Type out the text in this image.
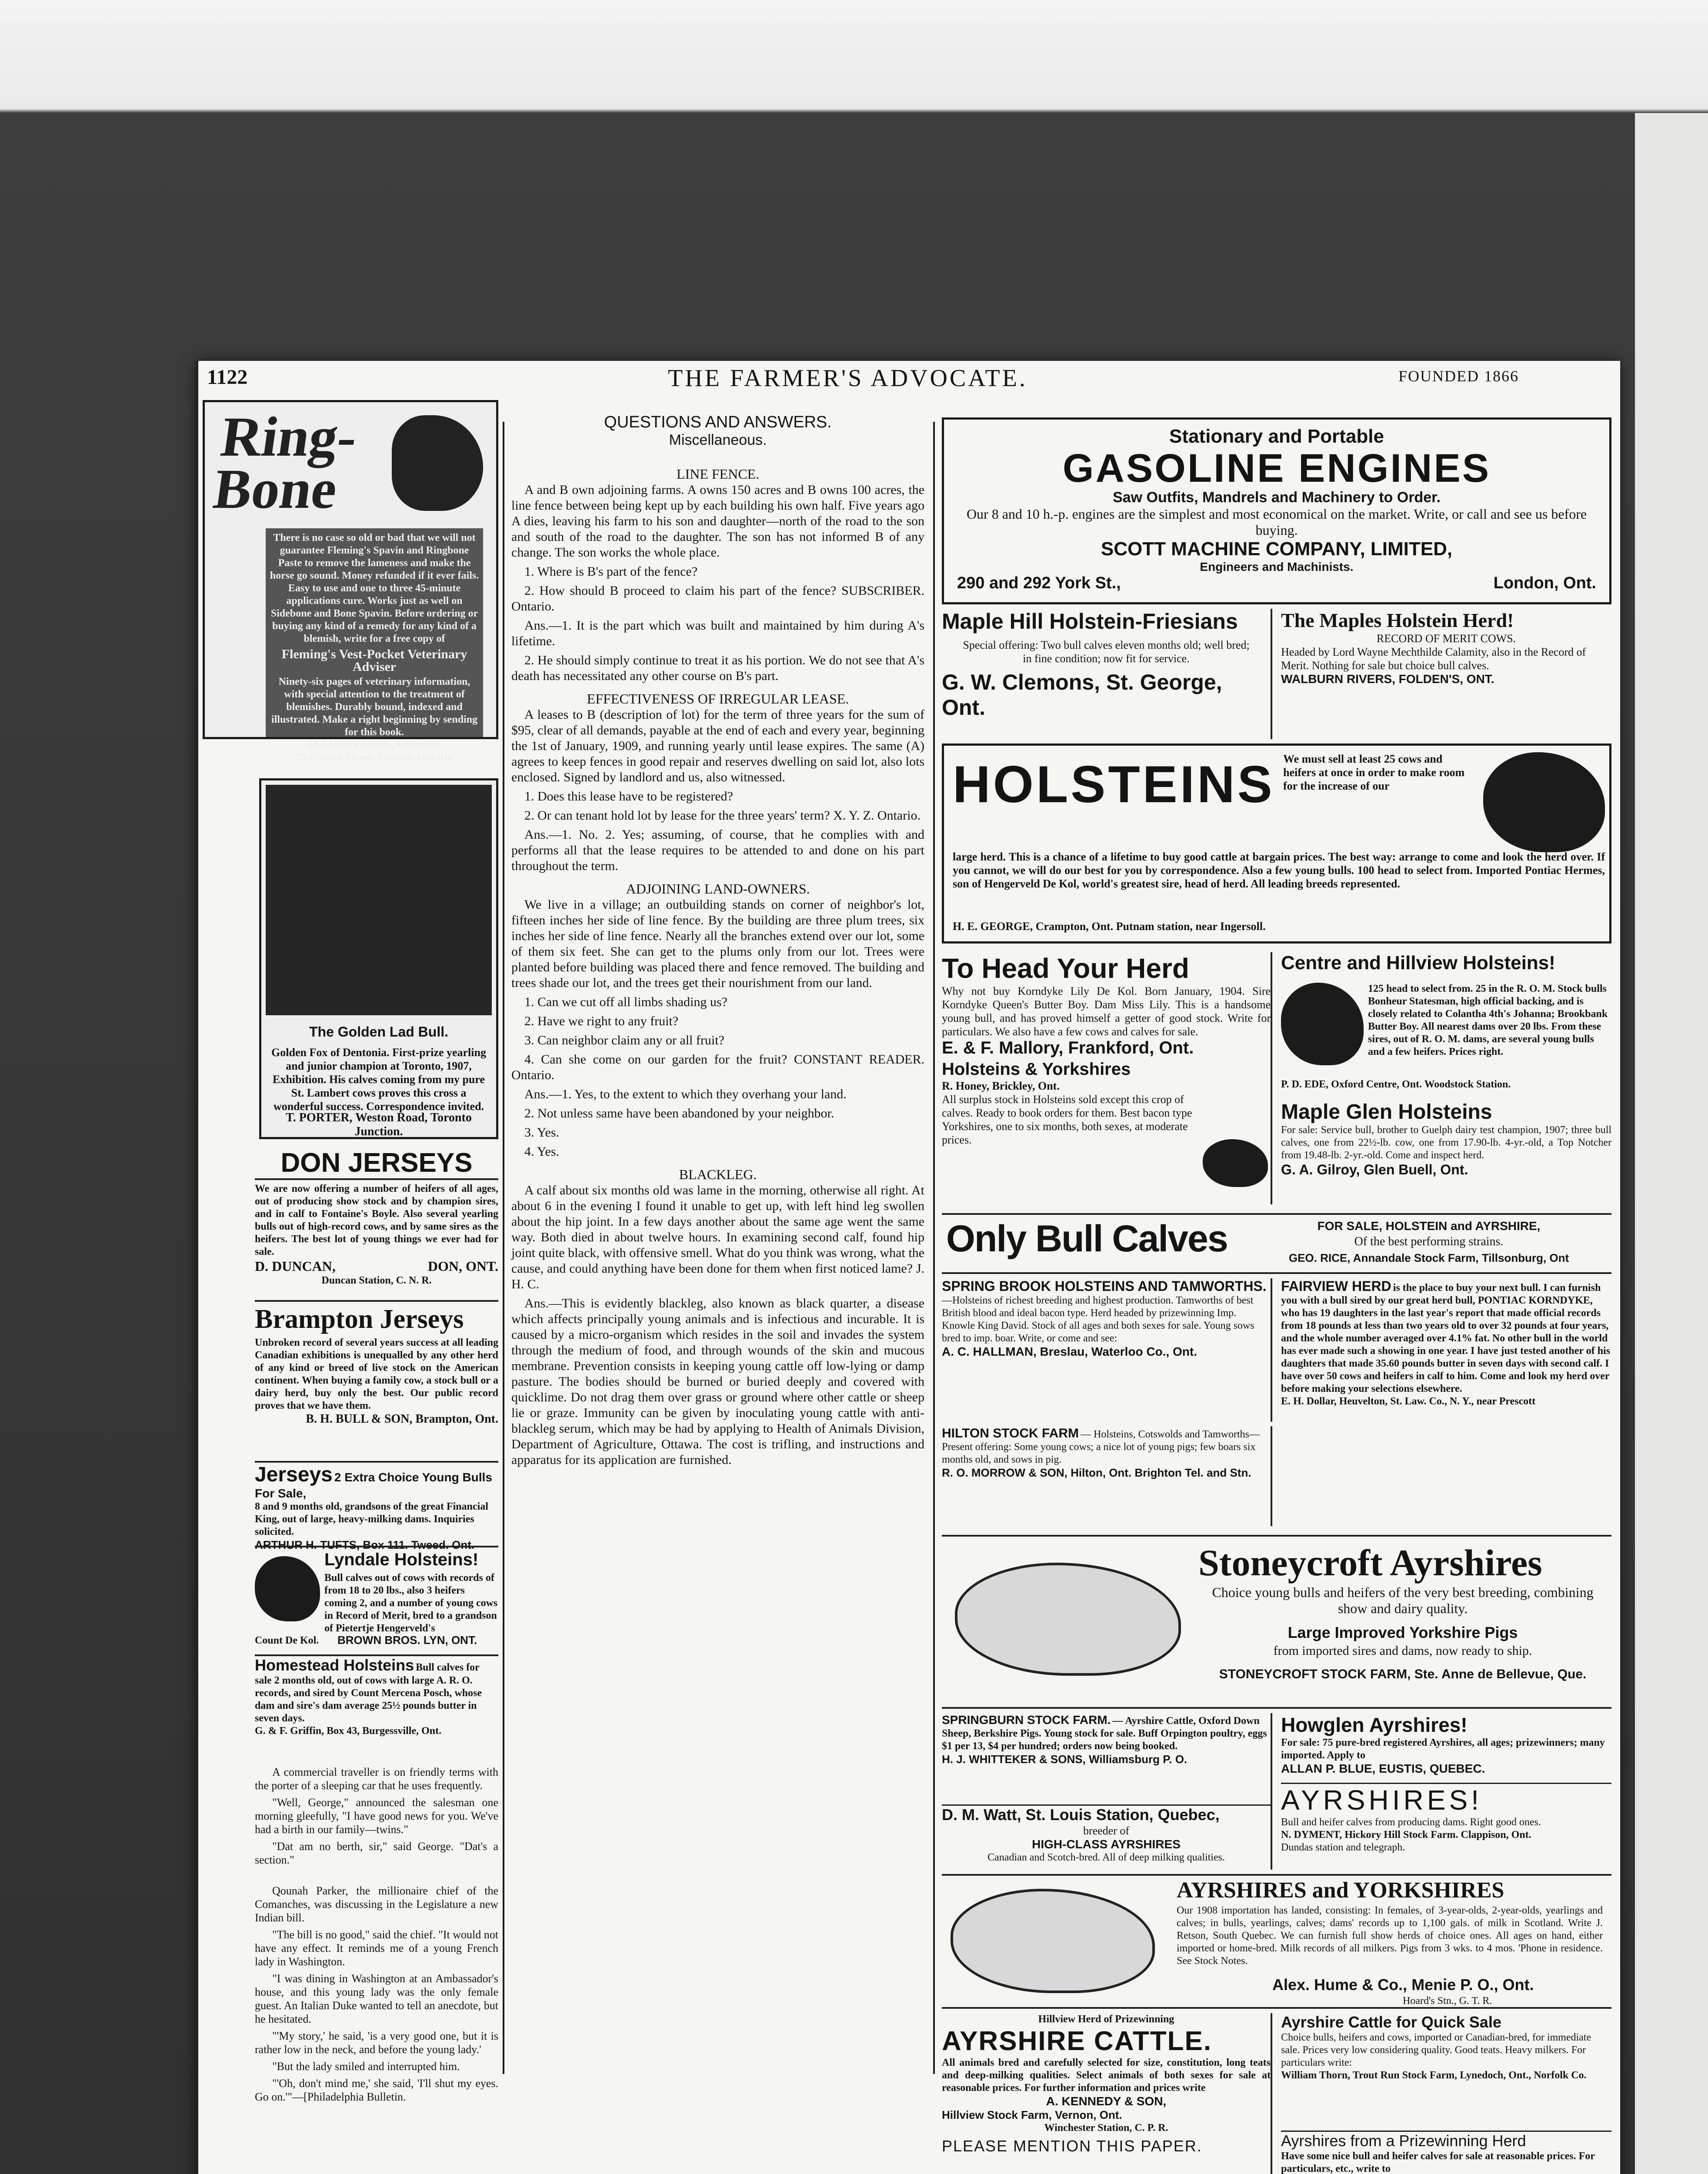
1122	THE FARMER'S ADVOCATE.	FOUNDED 1866
Ring-Bone
There is no case so old or bad that we will not guarantee Fleming's Spavin and Ringbone Paste to remove the lameness and make the horse go sound. Money refunded if it ever fails. Easy to use and one to three 45-minute applications cure. Works just as well on Sidebone and Bone Spavin. Before ordering or buying any kind of a remedy for any kind of a blemish, write for a free copy of
Fleming's Vest-Pocket Veterinary Adviser
Ninety-six pages of veterinary information, with special attention to the treatment of blemishes. Durably bound, indexed and illustrated. Make a right beginning by sending for this book.
FLEMING BROS., Chemists,
75 Church Street, Toronto, Ontario
The Golden Lad Bull.
Golden Fox of Dentonia. First-prize yearling and junior champion at Toronto, 1907, Exhibition. His calves coming from my pure St. Lambert cows proves this cross a wonderful success. Correspondence invited.
T. PORTER, Weston Road, Toronto Junction.
DON JERSEYS
We are now offering a number of heifers of all ages, out of producing show stock and by champion sires, and in calf to Fontaine's Boyle. Also several yearling bulls out of high-record cows, and by same sires as the heifers. The best lot of young things we ever had for sale.
D. DUNCAN,	DON, ONT.
Duncan Station, C. N. R.
Brampton Jerseys
Unbroken record of several years success at all leading Canadian exhibitions is unequalled by any other herd of any kind or breed of live stock on the American continent. When buying a family cow, a stock bull or a dairy herd, buy only the best. Our public record proves that we have them.
B. H. BULL & SON, Brampton, Ont.
Jerseys 2 Extra Choice Young Bulls For Sale,
8 and 9 months old, grandsons of the great Financial King, out of large, heavy-milking dams. Inquiries solicited.
ARTHUR H. TUFTS, Box 111. Tweed. Ont.
Lyndale Holsteins!
Bull calves out of cows with records of from 18 to 20 lbs., also 3 heifers coming 2, and a number of young cows in Record of Merit, bred to a grandson of Pietertje Hengerveld's
Count De Kol. BROWN BROS. LYN, ONT.
Homestead Holsteins Bull calves for sale 2 months old, out of cows with large A. R. O. records, and sired by Count Mercena Posch, whose dam and sire's dam average 25½ pounds butter in seven days.
G. & F. Griffin, Box 43, Burgessville, Ont.

A commercial traveller is on friendly terms with the porter of a sleeping car that he uses frequently.

"Well, George," announced the salesman one morning gleefully, "I have good news for you. We've had a birth in our family—twins."

"Dat am no berth, sir," said George. "Dat's a section."

Qounah Parker, the millionaire chief of the Comanches, was discussing in the Legislature a new Indian bill.

"The bill is no good," said the chief. "It would not have any effect. It reminds me of a young French lady in Washington.

"I was dining in Washington at an Ambassador's house, and this young lady was the only female guest. An Italian Duke wanted to tell an anecdote, but he hesitated.

"'My story,' he said, 'is a very good one, but it is rather low in the neck, and before the young lady.'

"But the lady smiled and interrupted him.

"'Oh, don't mind me,' she said, 'I'll shut my eyes. Go on.'"—[Philadelphia Bulletin.

QUESTIONS AND ANSWERS.
Miscellaneous.
LINE FENCE.

A and B own adjoining farms. A owns 150 acres and B owns 100 acres, the line fence between being kept up by each building his own half. Five years ago A dies, leaving his farm to his son and daughter—north of the road to the son and south of the road to the daughter. The son has not informed B of any change. The son works the whole place.

1. Where is B's part of the fence?

2. How should B proceed to claim his part of the fence? SUBSCRIBER. Ontario.

Ans.—1. It is the part which was built and maintained by him during A's lifetime.

2. He should simply continue to treat it as his portion. We do not see that A's death has necessitated any other course on B's part.

EFFECTIVENESS OF IRREGULAR LEASE.

A leases to B (description of lot) for the term of three years for the sum of $95, clear of all demands, payable at the end of each and every year, beginning the 1st of January, 1909, and running yearly until lease expires. The same (A) agrees to keep fences in good repair and reserves dwelling on said lot, also lots enclosed. Signed by landlord and us, also witnessed.

1. Does this lease have to be registered?

2. Or can tenant hold lot by lease for the three years' term? X. Y. Z. Ontario.

Ans.—1. No. 2. Yes; assuming, of course, that he complies with and performs all that the lease requires to be attended to and done on his part throughout the term.

ADJOINING LAND-OWNERS.

We live in a village; an outbuilding stands on corner of neighbor's lot, fifteen inches her side of line fence. By the building are three plum trees, six inches her side of line fence. Nearly all the branches extend over our lot, some of them six feet. She can get to the plums only from our lot. Trees were planted before building was placed there and fence removed. The building and trees shade our lot, and the trees get their nourishment from our land.

1. Can we cut off all limbs shading us?

2. Have we right to any fruit?

3. Can neighbor claim any or all fruit?

4. Can she come on our garden for the fruit? CONSTANT READER. Ontario.

Ans.—1. Yes, to the extent to which they overhang your land.

2. Not unless same have been abandoned by your neighbor.

3. Yes.

4. Yes.

BLACKLEG.

A calf about six months old was lame in the morning, otherwise all right. At about 6 in the evening I found it unable to get up, with left hind leg swollen about the hip joint. In a few days another about the same age went the same way. Both died in about twelve hours. In examining second calf, found hip joint quite black, with offensive smell. What do you think was wrong, what the cause, and could anything have been done for them when first noticed lame? J. H. C.

Ans.—This is evidently blackleg, also known as black quarter, a disease which affects principally young animals and is infectious and incurable. It is caused by a micro-organism which resides in the soil and invades the system through the medium of food, and through wounds of the skin and mucous membrane. Prevention consists in keeping young cattle off low-lying or damp pasture. The bodies should be burned or buried deeply and covered with quicklime. Do not drag them over grass or ground where other cattle or sheep lie or graze. Immunity can be given by inoculating young cattle with anti-blackleg serum, which may be had by applying to Health of Animals Division, Department of Agriculture, Ottawa. The cost is trifling, and instructions and apparatus for its application are furnished.

Stationary and Portable
GASOLINE ENGINES
Saw Outfits, Mandrels and Machinery to Order.
Our 8 and 10 h.-p. engines are the simplest and most economical on the market. Write, or call and see us before buying.
SCOTT MACHINE COMPANY, LIMITED,
Engineers and Machinists.
290 and 292 York St.,	London, Ont.
Maple Hill Holstein-Friesians
Special offering: Two bull calves eleven months old; well bred; in fine condition; now fit for service.
G. W. Clemons, St. George, Ont.
The Maples Holstein Herd!
RECORD OF MERIT COWS.
Headed by Lord Wayne Mechthilde Calamity, also in the Record of Merit. Nothing for sale but choice bull calves.
WALBURN RIVERS, FOLDEN'S, ONT.
HOLSTEINS We must sell at least 25 cows and heifers at once in order to make room for the increase of our
large herd. This is a chance of a lifetime to buy good cattle at bargain prices. The best way: arrange to come and look the herd over. If you cannot, we will do our best for you by correspondence. Also a few young bulls. 100 head to select from. Imported Pontiac Hermes, son of Hengerveld De Kol, world's greatest sire, head of herd. All leading breeds represented.
H. E. GEORGE, Crampton, Ont. Putnam station, near Ingersoll.
To Head Your Herd
Why not buy Korndyke Lily De Kol. Born January, 1904. Sire Korndyke Queen's Butter Boy. Dam Miss Lily. This is a handsome young bull, and has proved himself a getter of good stock. Write for particulars. We also have a few cows and calves for sale.
E. & F. Mallory, Frankford, Ont.
Holsteins & Yorkshires
R. Honey, Brickley, Ont.
All surplus stock in Holsteins sold except this crop of calves. Ready to book orders for them. Best bacon type Yorkshires, one to six months, both sexes, at moderate prices.
Centre and Hillview Holsteins!
125 head to select from. 25 in the R. O. M. Stock bulls Bonheur Statesman, high official backing, and is closely related to Colantha 4th's Johanna; Brookbank Butter Boy. All nearest dams over 20 lbs. From these sires, out of R. O. M. dams, are several young bulls and a few heifers. Prices right.
P. D. EDE, Oxford Centre, Ont. Woodstock Station.
Maple Glen Holsteins
For sale: Service bull, brother to Guelph dairy test champion, 1907; three bull calves, one from 22½-lb. cow, one from 17.90-lb. 4-yr.-old, a Top Notcher from 19.48-lb. 2-yr.-old. Come and inspect herd.
G. A. Gilroy, Glen Buell, Ont.
Only Bull Calves	FOR SALE, HOLSTEIN and AYRSHIRE,
Of the best performing strains.
GEO. RICE, Annandale Stock Farm, Tillsonburg, Ont
SPRING BROOK HOLSTEINS AND TAMWORTHS. —Holsteins of richest breeding and highest production. Tamworths of best British blood and ideal bacon type. Herd headed by prizewinning Imp. Knowle King David. Stock of all ages and both sexes for sale. Young sows bred to imp. boar. Write, or come and see:
A. C. HALLMAN, Breslau, Waterloo Co., Ont.
HILTON STOCK FARM — Holsteins, Cotswolds and Tamworths—Present offering: Some young cows; a nice lot of young pigs; few boars six months old, and sows in pig.
R. O. MORROW & SON, Hilton, Ont. Brighton Tel. and Stn.
FAIRVIEW HERD is the place to buy your next bull. I can furnish you with a bull sired by our great herd bull, PONTIAC KORNDYKE, who has 19 daughters in the last year's report that made official records from 18 pounds at less than two years old to over 32 pounds at four years, and the whole number averaged over 4.1% fat. No other bull in the world has ever made such a showing in one year. I have just tested another of his daughters that made 35.60 pounds butter in seven days with second calf. I have over 50 cows and heifers in calf to him. Come and look my herd over before making your selections elsewhere.
E. H. Dollar, Heuvelton, St. Law. Co., N. Y., near Prescott
Stoneycroft Ayrshires
Choice young bulls and heifers of the very best breeding, combining show and dairy quality.
Large Improved Yorkshire Pigs
from imported sires and dams, now ready to ship.
STONEYCROFT STOCK FARM, Ste. Anne de Bellevue, Que.
SPRINGBURN STOCK FARM. — Ayrshire Cattle, Oxford Down Sheep, Berkshire Pigs. Young stock for sale. Buff Orpington poultry, eggs $1 per 13, $4 per hundred; orders now being booked.
H. J. WHITTEKER & SONS, Williamsburg P. O.
D. M. Watt, St. Louis Station, Quebec,
breeder of
HIGH-CLASS AYRSHIRES
Canadian and Scotch-bred. All of deep milking qualities.
Howglen Ayrshires!
For sale: 75 pure-bred registered Ayrshires, all ages; prizewinners; many imported. Apply to
ALLAN P. BLUE, EUSTIS, QUEBEC.
AYRSHIRES!
Bull and heifer calves from producing dams. Right good ones.
N. DYMENT, Hickory Hill Stock Farm. Clappison, Ont.
Dundas station and telegraph.
AYRSHIRES and YORKSHIRES
Our 1908 importation has landed, consisting: In females, of 3-year-olds, 2-year-olds, yearlings and calves; in bulls, yearlings, calves; dams' records up to 1,100 gals. of milk in Scotland. Write J. Retson, South Quebec. We can furnish full show herds of choice ones. All ages on hand, either imported or home-bred. Milk records of all milkers. Pigs from 3 wks. to 4 mos. 'Phone in residence. See Stock Notes.
Alex. Hume & Co., Menie P. O., Ont.
Hoard's Stn., G. T. R.
Hillview Herd of Prizewinning
AYRSHIRE CATTLE.
All animals bred and carefully selected for size, constitution, long teats and deep-milking qualities. Select animals of both sexes for sale at reasonable prices. For further information and prices write
A. KENNEDY & SON,
Hillview Stock Farm, Vernon, Ont.
Winchester Station, C. P. R.
PLEASE MENTION THIS PAPER.
Ayrshire Cattle for Quick Sale
Choice bulls, heifers and cows, imported or Canadian-bred, for immediate sale. Prices very low considering quality. Good teats. Heavy milkers. For particulars write:
William Thorn, Trout Run Stock Farm, Lynedoch, Ont., Norfolk Co.
Ayrshires from a Prizewinning Herd
Have some nice bull and heifer calves for sale at reasonable prices. For particulars, etc., write to
